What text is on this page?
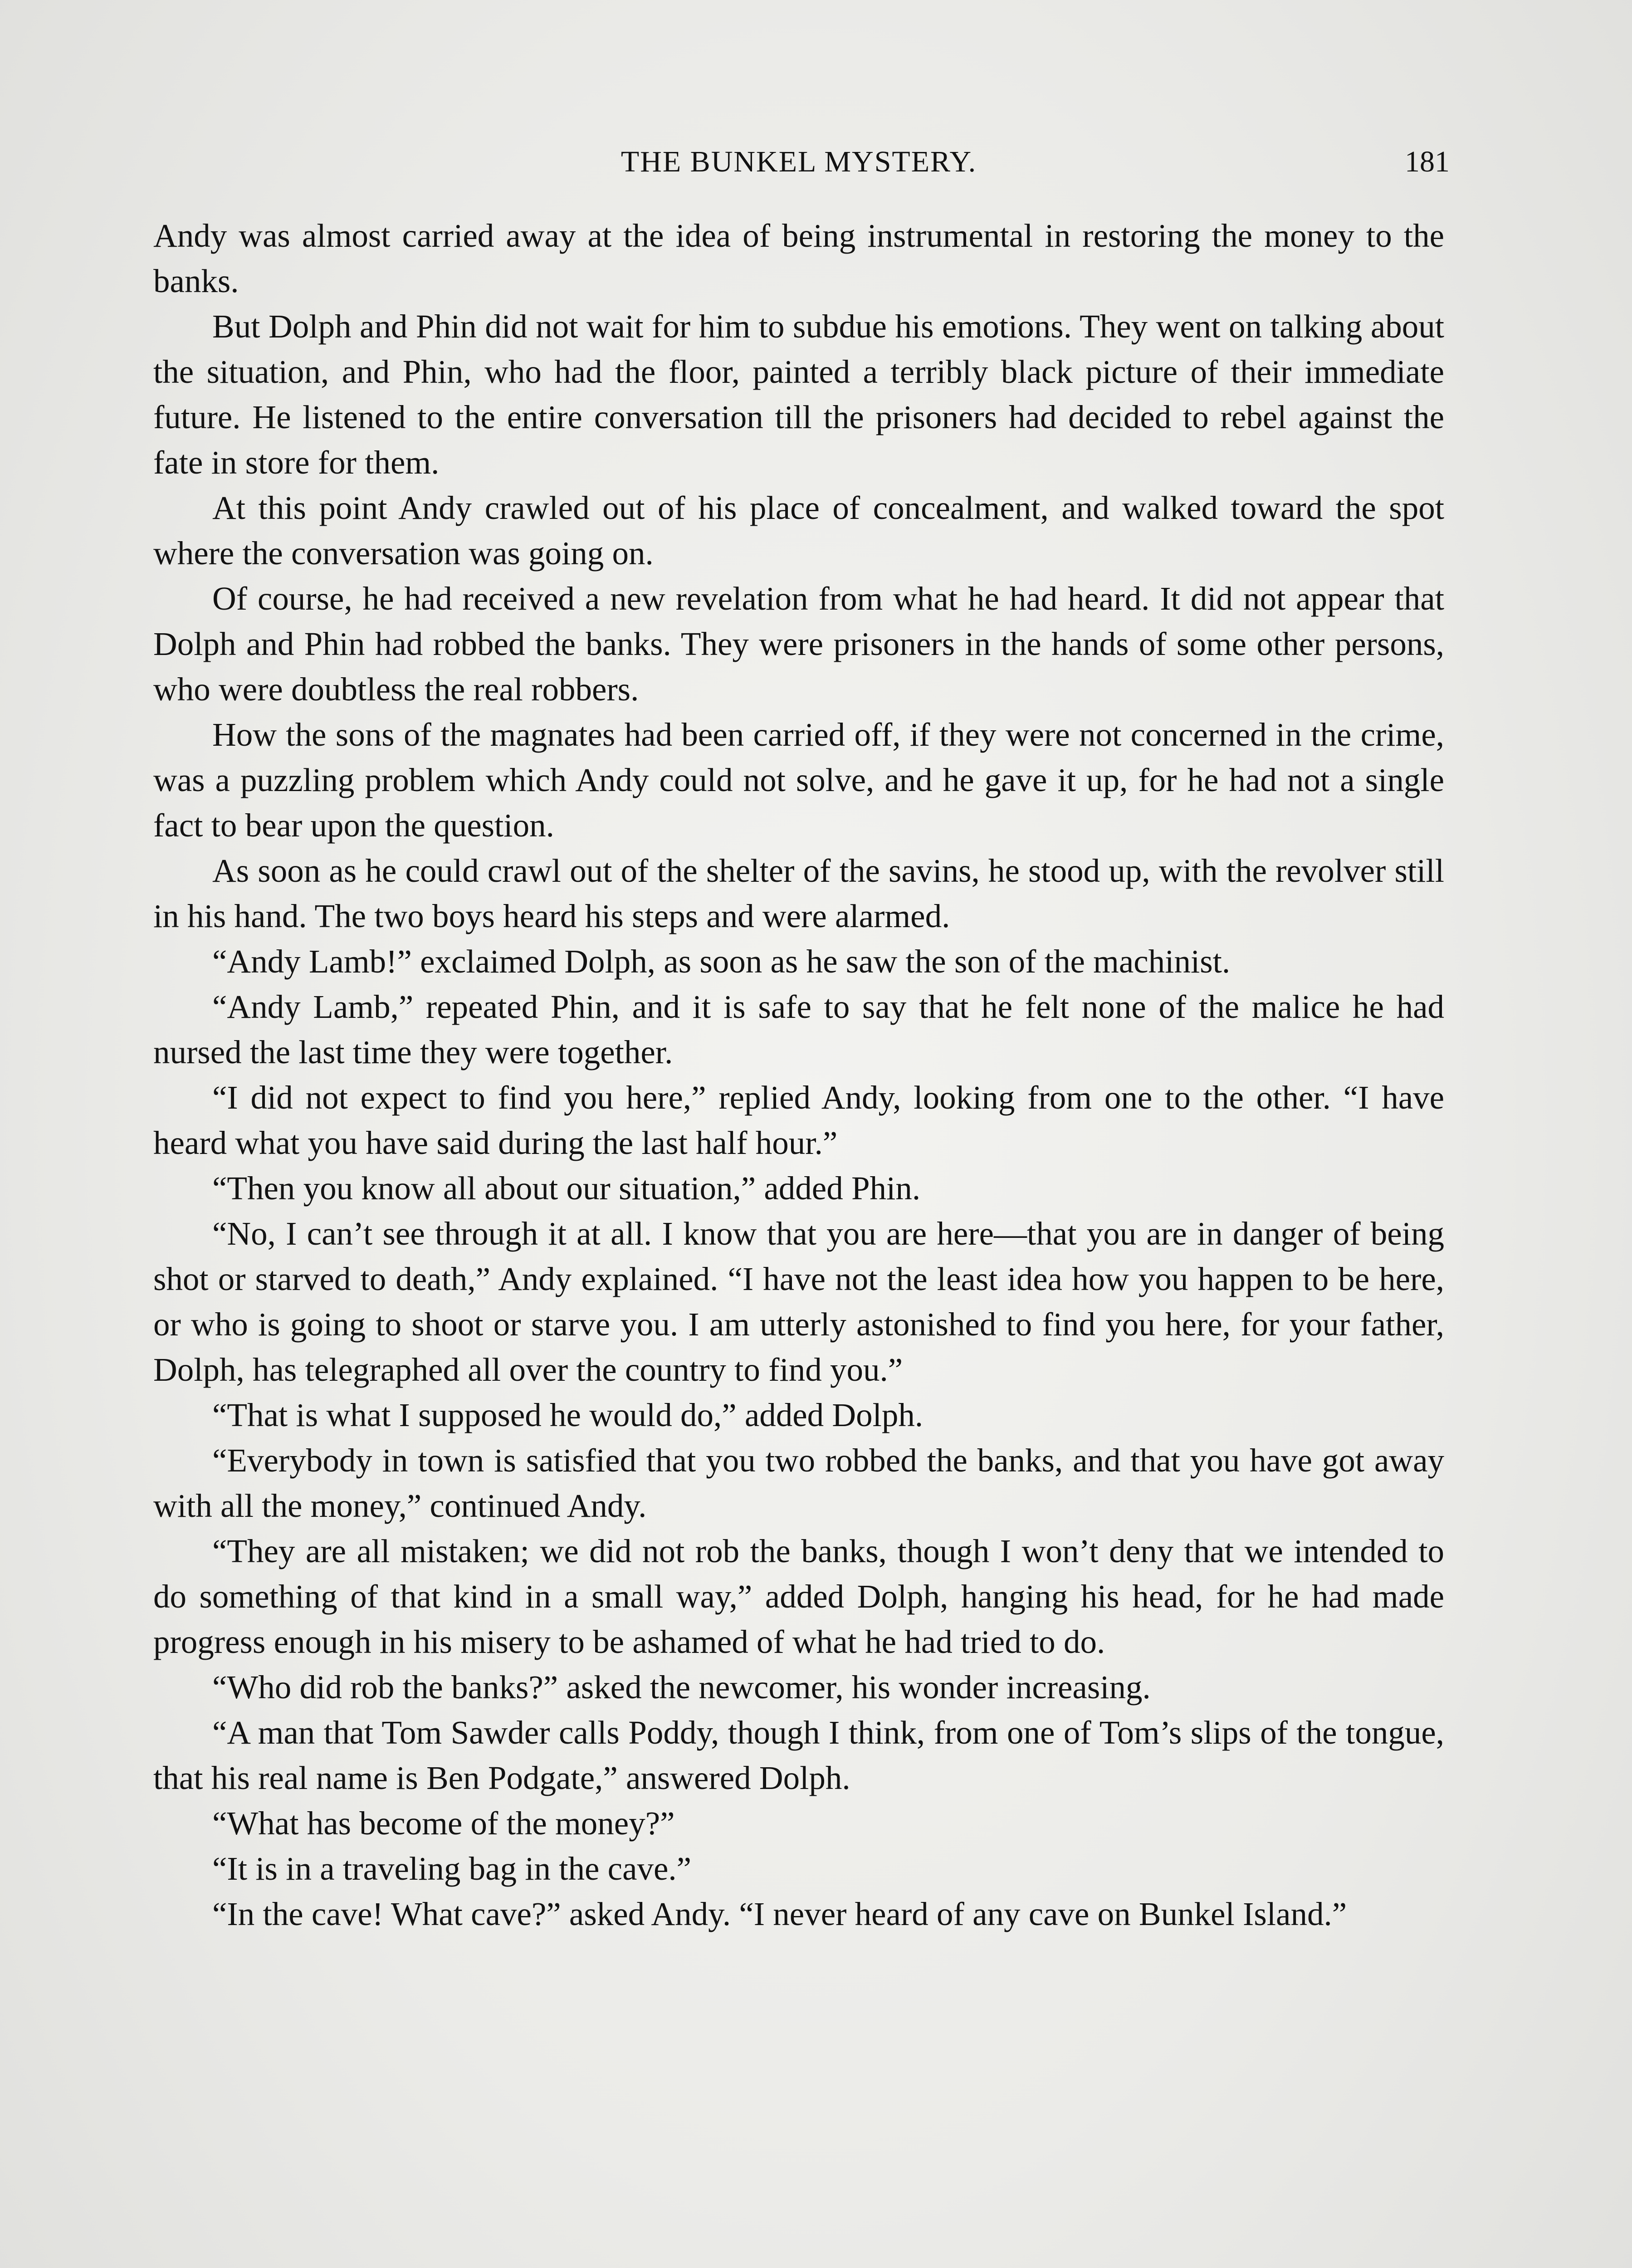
THE BUNKEL MYSTERY.	181

Andy was almost carried away at the idea of being instrumental in restoring the money to the banks.

But Dolph and Phin did not wait for him to subdue his emotions. They went on talking about the situation, and Phin, who had the floor, painted a terribly black picture of their immediate future. He listened to the entire conversation till the prisoners had decided to rebel against the fate in store for them.

At this point Andy crawled out of his place of concealment, and walked toward the spot where the conversation was going on.

Of course, he had received a new revelation from what he had heard. It did not appear that Dolph and Phin had robbed the banks. They were prisoners in the hands of some other persons, who were doubtless the real robbers.

How the sons of the magnates had been carried off, if they were not concerned in the crime, was a puzzling problem which Andy could not solve, and he gave it up, for he had not a single fact to bear upon the question.

As soon as he could crawl out of the shelter of the savins, he stood up, with the revolver still in his hand. The two boys heard his steps and were alarmed.

“Andy Lamb!” exclaimed Dolph, as soon as he saw the son of the machinist.

“Andy Lamb,” repeated Phin, and it is safe to say that he felt none of the malice he had nursed the last time they were together.

“I did not expect to find you here,” replied Andy, looking from one to the other. “I have heard what you have said during the last half hour.”

“Then you know all about our situation,” added Phin.

“No, I can’t see through it at all. I know that you are here—that you are in danger of being shot or starved to death,” Andy explained. “I have not the least idea how you happen to be here, or who is going to shoot or starve you. I am utterly astonished to find you here, for your father, Dolph, has telegraphed all over the country to find you.”

“That is what I supposed he would do,” added Dolph.

“Everybody in town is satisfied that you two robbed the banks, and that you have got away with all the money,” continued Andy.

“They are all mistaken; we did not rob the banks, though I won’t deny that we intended to do something of that kind in a small way,” added Dolph, hanging his head, for he had made progress enough in his misery to be ashamed of what he had tried to do.

“Who did rob the banks?” asked the newcomer, his wonder increasing.

“A man that Tom Sawder calls Poddy, though I think, from one of Tom’s slips of the tongue, that his real name is Ben Podgate,” answered Dolph.

“What has become of the money?”

“It is in a traveling bag in the cave.”

“In the cave! What cave?” asked Andy. “I never heard of any cave on Bunkel Island.”
